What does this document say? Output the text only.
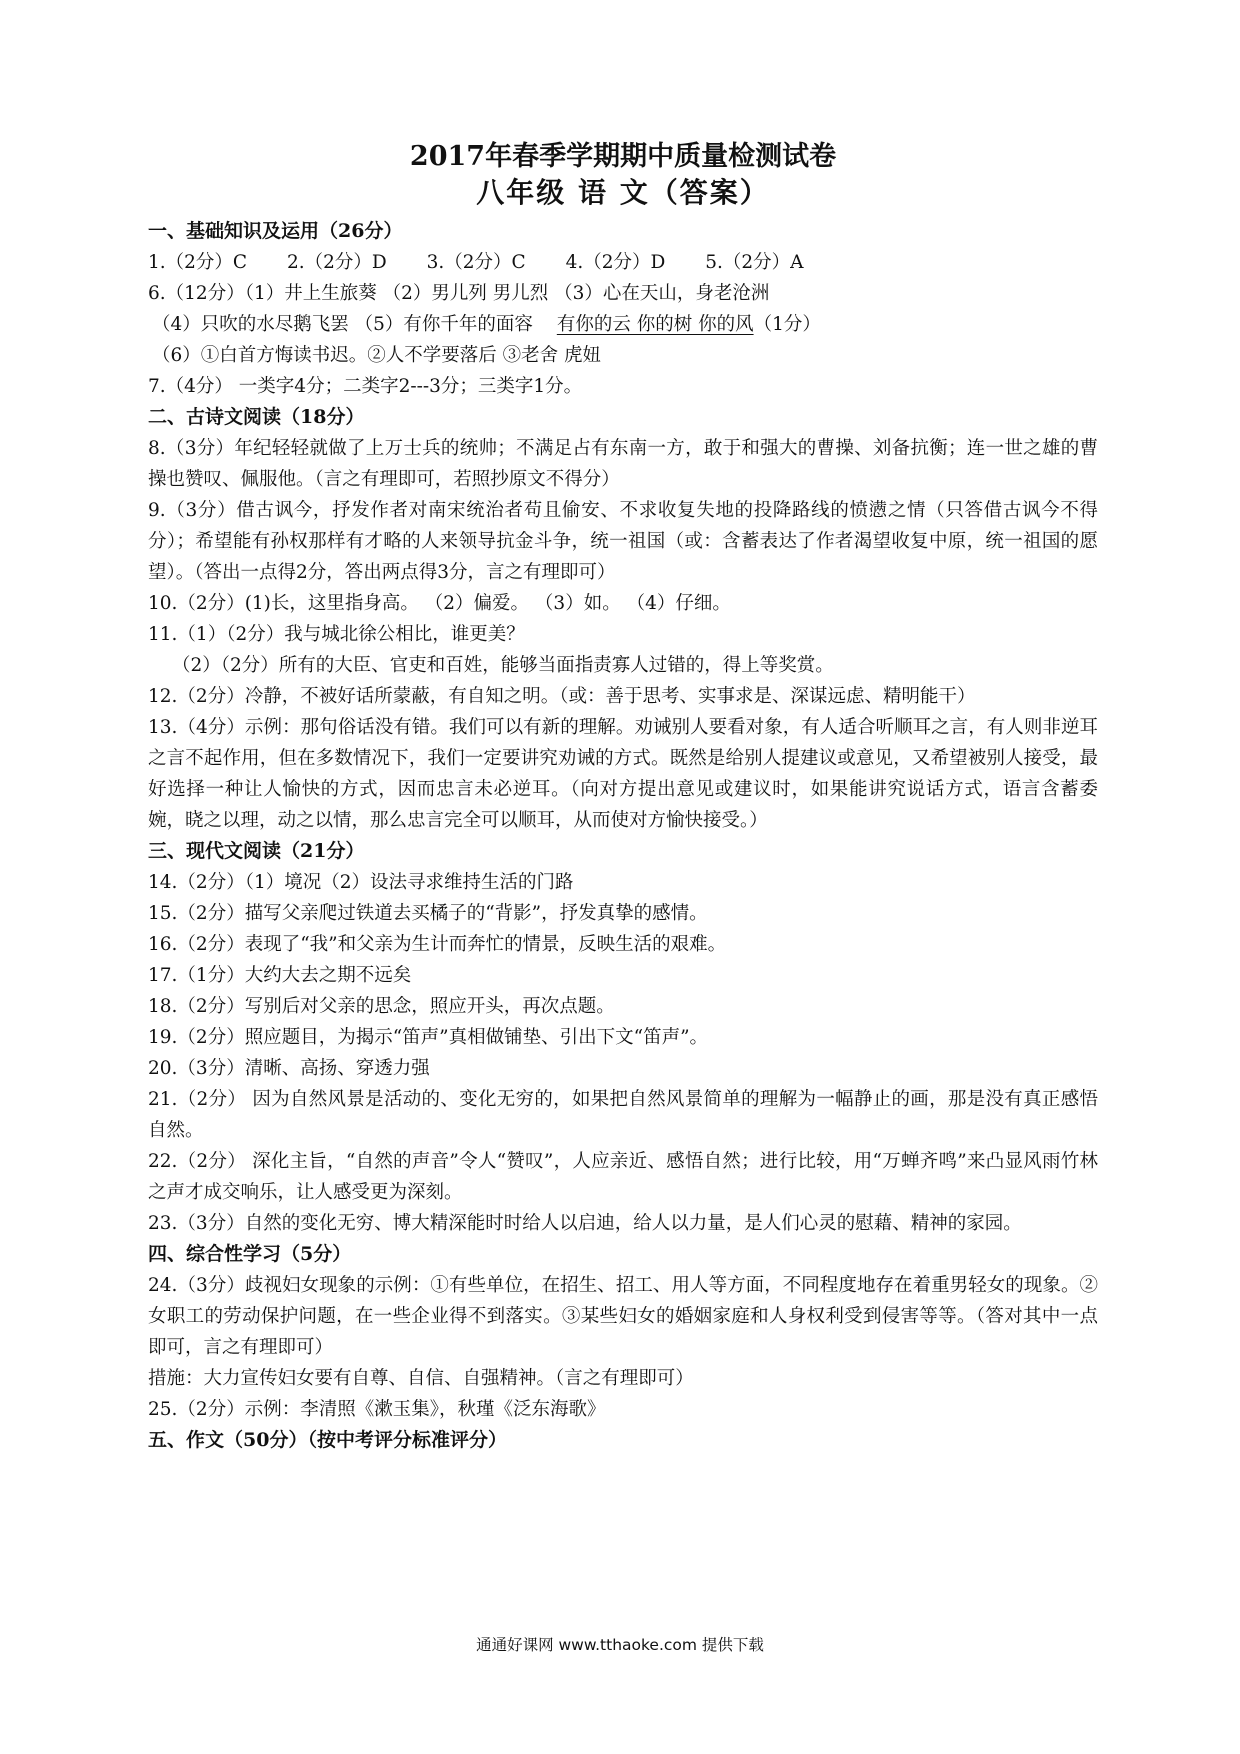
2017年春季学期期中质量检测试卷
八年级 语 文（答案）
一、基础知识及运用（26分）
1.（2分）C 2.（2分）D 3.（2分）C 4.（2分）D 5.（2分）A
6.（12分）（1）井上生旅葵 （2）男儿列 男儿烈 （3）心在天山，身老沧洲
（4）只吹的水尽鹅飞罢 （5）有你千年的面容 有你的云 你的树 你的风（1分）
（6）①白首方悔读书迟。②人不学要落后 ③老舍 虎妞
7.（4分） 一类字4分；二类字2---3分；三类字1分。
二、古诗文阅读（18分）
8.（3分）年纪轻轻就做了上万士兵的统帅；不满足占有东南一方，敢于和强大的曹操、刘备抗衡；连一世之雄的曹操也赞叹、佩服他。（言之有理即可，若照抄原文不得分）
9.（3分）借古讽今，抒发作者对南宋统治者苟且偷安、不求收复失地的投降路线的愤懑之情（只答借古讽今不得分）；希望能有孙权那样有才略的人来领导抗金斗争，统一祖国（或：含蓄表达了作者渴望收复中原，统一祖国的愿望）。（答出一点得2分，答出两点得3分，言之有理即可）
10.（2分）(1)长，这里指身高。 （2）偏爱。 （3）如。 （4）仔细。
11.（1）（2分）我与城北徐公相比，谁更美？
（2）（2分）所有的大臣、官吏和百姓，能够当面指责寡人过错的，得上等奖赏。
12.（2分）冷静，不被好话所蒙蔽，有自知之明。（或：善于思考、实事求是、深谋远虑、精明能干）
13.（4分）示例：那句俗话没有错。我们可以有新的理解。劝诫别人要看对象，有人适合听顺耳之言，有人则非逆耳之言不起作用，但在多数情况下，我们一定要讲究劝诫的方式。既然是给别人提建议或意见，又希望被别人接受，最好选择一种让人愉快的方式，因而忠言未必逆耳。（向对方提出意见或建议时，如果能讲究说话方式，语言含蓄委婉，晓之以理，动之以情，那么忠言完全可以顺耳，从而使对方愉快接受。）
三、现代文阅读（21分）
14.（2分）（1）境况（2）设法寻求维持生活的门路
15.（2分）描写父亲爬过铁道去买橘子的“背影”，抒发真挚的感情。
16.（2分）表现了“我”和父亲为生计而奔忙的情景，反映生活的艰难。
17.（1分）大约大去之期不远矣
18.（2分）写别后对父亲的思念，照应开头，再次点题。
19.（2分）照应题目，为揭示“笛声”真相做铺垫、引出下文“笛声”。
20.（3分）清晰、高扬、穿透力强
21.（2分） 因为自然风景是活动的、变化无穷的，如果把自然风景简单的理解为一幅静止的画，那是没有真正感悟自然。
22.（2分） 深化主旨，“自然的声音”令人“赞叹”，人应亲近、感悟自然；进行比较，用“万蝉齐鸣”来凸显风雨竹林之声才成交响乐，让人感受更为深刻。
23.（3分）自然的变化无穷、博大精深能时时给人以启迪，给人以力量，是人们心灵的慰藉、精神的家园。
四、综合性学习（5分）
24.（3分）歧视妇女现象的示例：①有些单位，在招生、招工、用人等方面，不同程度地存在着重男轻女的现象。②女职工的劳动保护问题，在一些企业得不到落实。③某些妇女的婚姻家庭和人身权利受到侵害等等。（答对其中一点即可，言之有理即可）
措施：大力宣传妇女要有自尊、自信、自强精神。（言之有理即可）
25.（2分）示例：李清照《漱玉集》，秋瑾《泛东海歌》
五、作文（50分）（按中考评分标准评分）
通通好课网 www.tthaoke.com 提供下载
